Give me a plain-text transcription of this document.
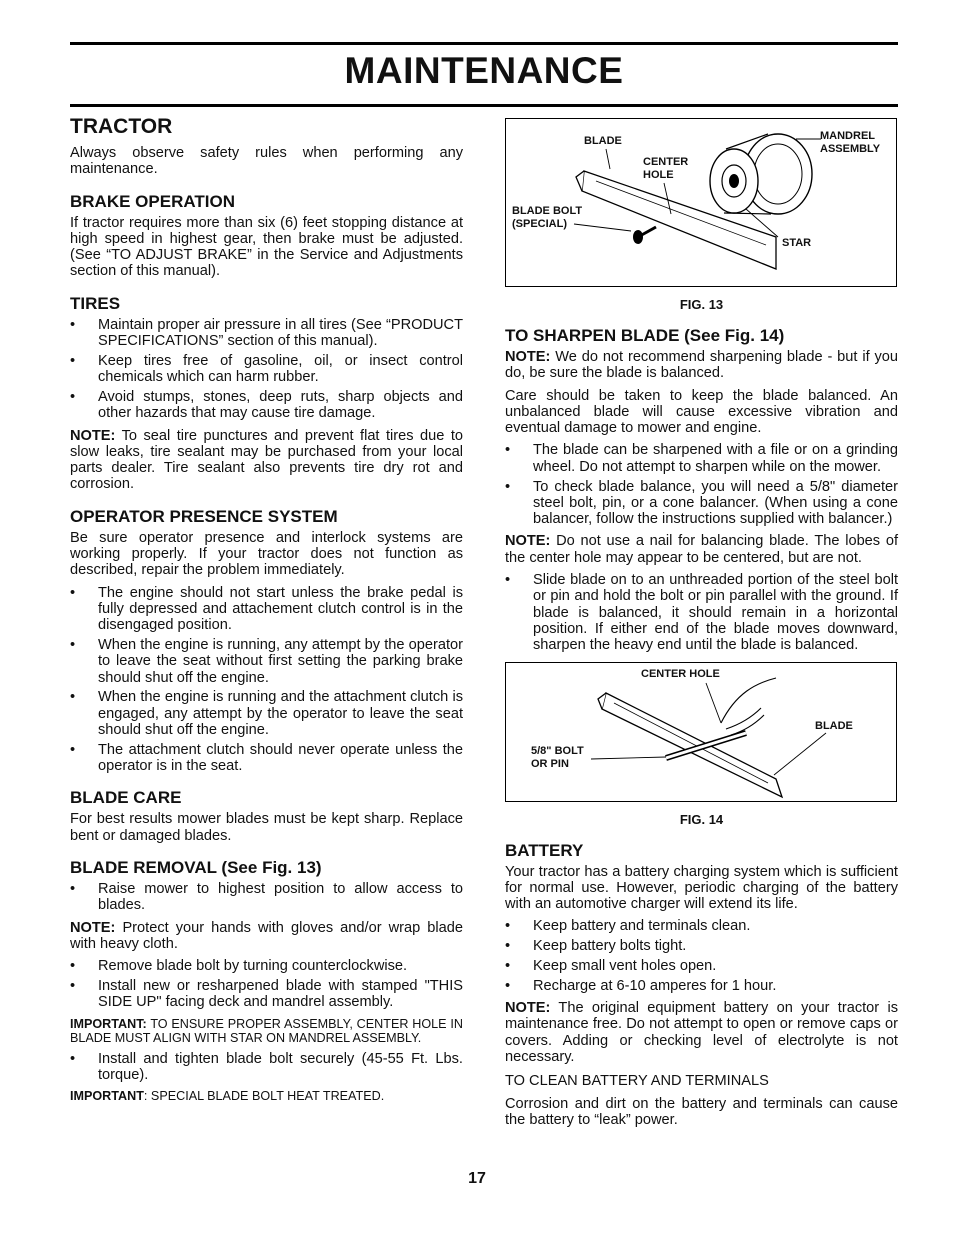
MAINTENANCE
TRACTOR

Always observe safety rules when performing any maintenance.

BRAKE OPERATION

If tractor requires more than six (6) feet stopping distance at high speed in highest gear, then brake must be adjusted. (See “TO ADJUST BRAKE” in the Service and Adjustments section of this manual).

TIRES
• Maintain proper air pressure in all tires (See “PRODUCT SPECIFICATIONS” section of this manual).
• Keep tires free of gasoline, oil, or insect control chemicals which can harm rubber.
• Avoid stumps, stones, deep ruts, sharp objects and other hazards that may cause tire damage.

NOTE: To seal tire punctures and prevent flat tires due to slow leaks, tire sealant may be purchased from your local parts dealer. Tire sealant also prevents tire dry rot and corrosion.

OPERATOR PRESENCE SYSTEM

Be sure operator presence and interlock systems are working properly. If your tractor does not function as described, repair the problem immediately.

• The engine should not start unless the brake pedal is fully depressed and attachement clutch control is in the disengaged position.
• When the engine is running, any attempt by the operator to leave the seat without first setting the parking brake should shut off the engine.
• When the engine is running and the attachment clutch is engaged, any attempt by the operator to leave the seat should shut off the engine.
• The attachment clutch should never operate unless the operator is in the seat.
BLADE CARE

For best results mower blades must be kept sharp. Replace bent or damaged blades.

BLADE REMOVAL (See Fig. 13)
• Raise mower to highest position to allow access to blades.

NOTE: Protect your hands with gloves and/or wrap blade with heavy cloth.

• Remove blade bolt by turning counterclockwise.
• Install new or resharpened blade with stamped "THIS SIDE UP" facing deck and mandrel assembly.

IMPORTANT: TO ENSURE PROPER ASSEMBLY, CENTER HOLE IN BLADE MUST ALIGN WITH STAR ON MANDREL ASSEMBLY.

• Install and tighten blade bolt securely (45-55 Ft. Lbs. torque).

IMPORTANT: SPECIAL BLADE BOLT HEAT TREATED.

BLADE
CENTER HOLE
MANDREL ASSEMBLY
BLADE BOLT (SPECIAL)
STAR
FIG. 13
TO SHARPEN BLADE (See Fig. 14)

NOTE: We do not recommend sharpening blade - but if you do, be sure the blade is balanced.

Care should be taken to keep the blade balanced. An unbalanced blade will cause excessive vibration and eventual damage to mower and engine.

• The blade can be sharpened with a file or on a grinding wheel. Do not attempt to sharpen while on the mower.
• To check blade balance, you will need a 5/8" diameter steel bolt, pin, or a cone balancer. (When using a cone balancer, follow the instructions supplied with balancer.)

NOTE: Do not use a nail for balancing blade. The lobes of the center hole may appear to be centered, but are not.

• Slide blade on to an unthreaded portion of the steel bolt or pin and hold the bolt or pin parallel with the ground. If blade is balanced, it should remain in a horizontal position. If either end of the blade moves downward, sharpen the heavy end until the blade is balanced.
CENTER HOLE
BLADE
5/8" BOLT OR PIN
FIG. 14
BATTERY

Your tractor has a battery charging system which is sufficient for normal use. However, periodic charging of the battery with an automotive charger will extend its life.

• Keep battery and terminals clean.
• Keep battery bolts tight.
• Keep small vent holes open.
• Recharge at 6-10 amperes for 1 hour.

NOTE: The original equipment battery on your tractor is maintenance free. Do not attempt to open or remove caps or covers. Adding or checking level of electrolyte is not necessary.

TO CLEAN BATTERY AND TERMINALS

Corrosion and dirt on the battery and terminals can cause the battery to “leak” power.

17
